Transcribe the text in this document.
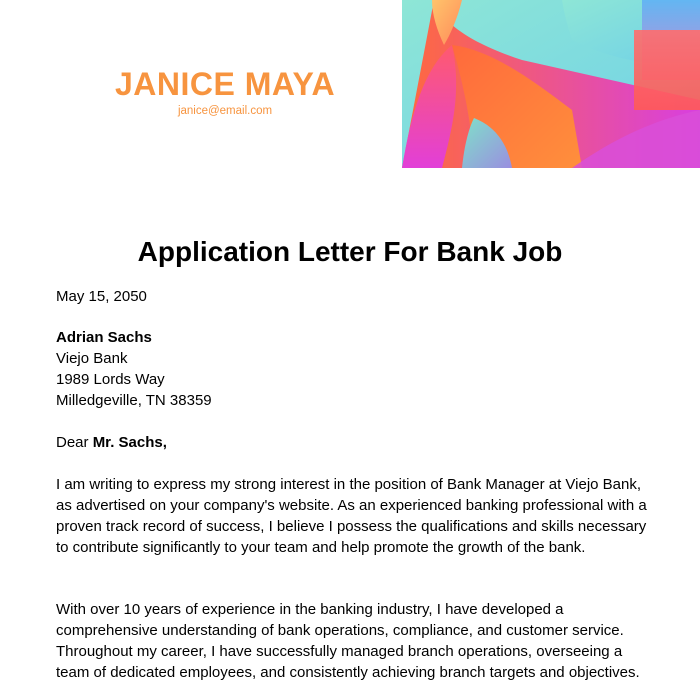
JANICE MAYA
janice@email.com
Application Letter For Bank Job

May 15, 2050

Adrian Sachs
Viejo Bank
1989 Lords Way
Milledgeville, TN 38359

Dear Mr. Sachs,

I am writing to express my strong interest in the position of Bank Manager at Viejo Bank, as advertised on your company's website. As an experienced banking professional with a proven track record of success, I believe I possess the qualifications and skills necessary to contribute significantly to your team and help promote the growth of the bank.

With over 10 years of experience in the banking industry, I have developed a comprehensive understanding of bank operations, compliance, and customer service. Throughout my career, I have successfully managed branch operations, overseeing a team of dedicated employees, and consistently achieving branch targets and objectives.
